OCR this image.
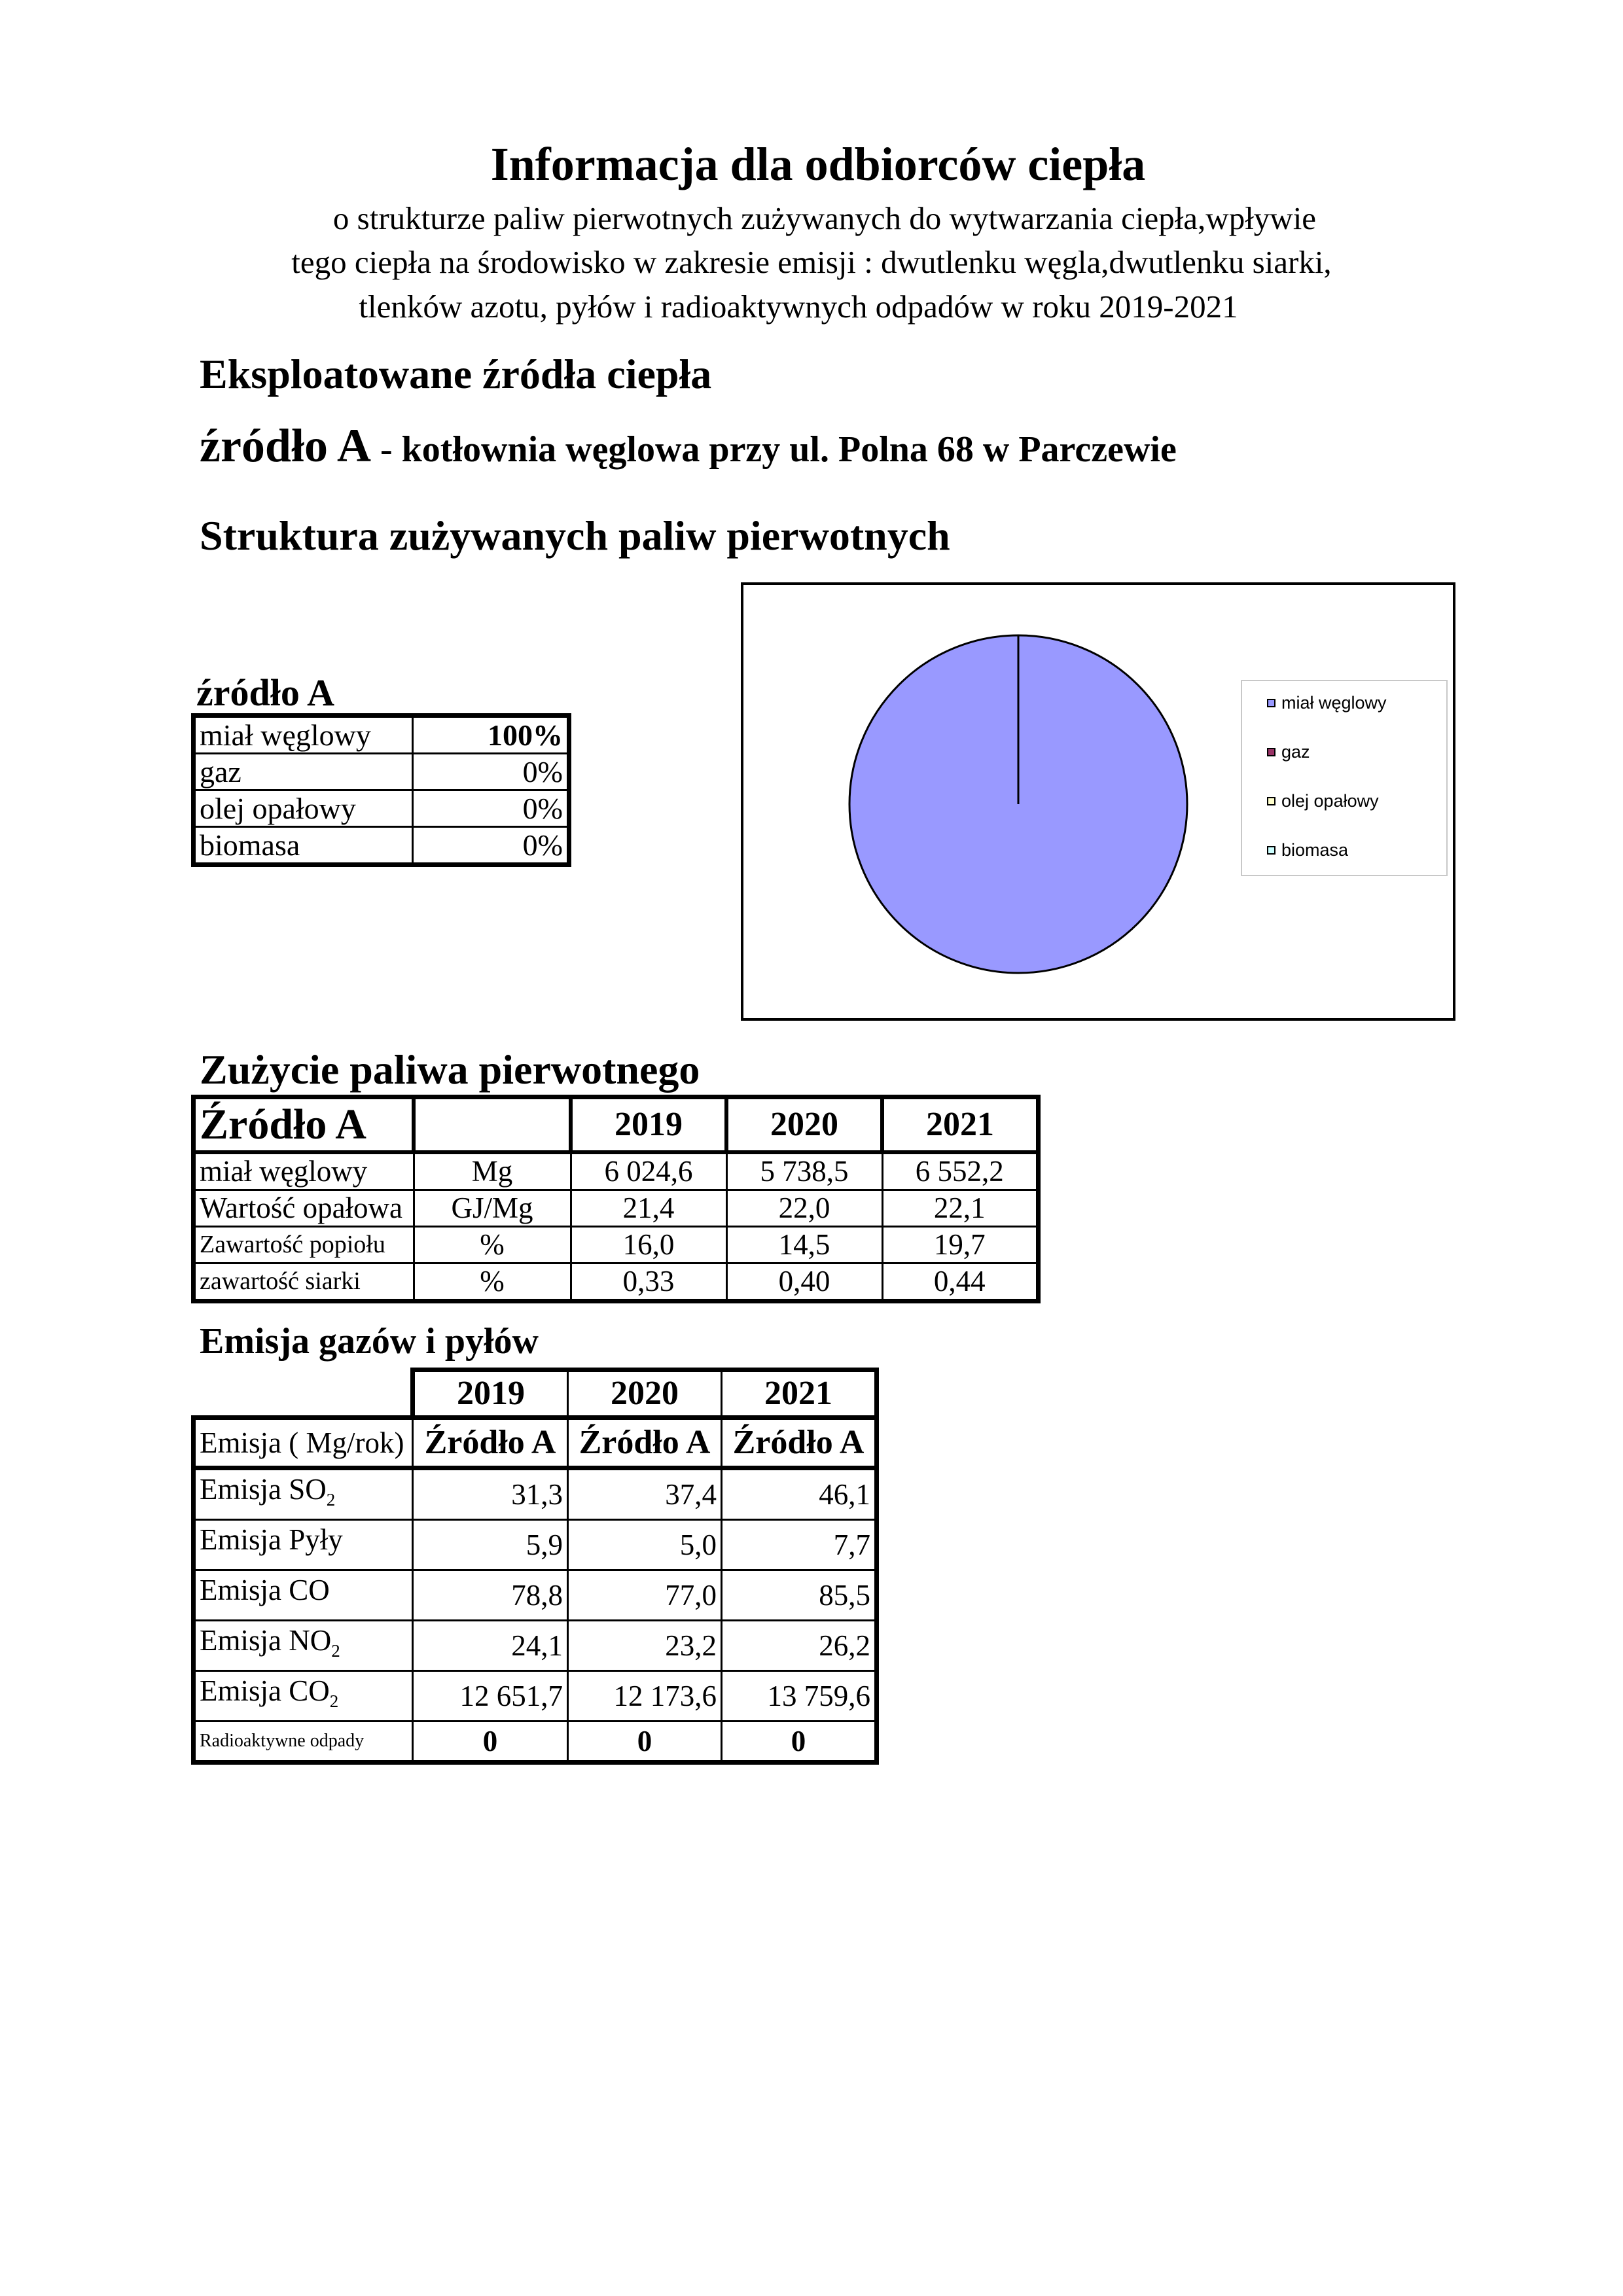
Informacja dla odbiorców ciepła
o strukturze paliw pierwotnych zużywanych do wytwarzania ciepła,wpływie
tego ciepła na środowisko w zakresie emisji : dwutlenku węgla,dwutlenku siarki,
tlenków azotu, pyłów i radioaktywnych odpadów w roku 2019-2021
Eksploatowane źródła ciepła
źródło A - kotłownia węglowa przy ul. Polna 68 w Parczewie
Struktura zużywanych paliw pierwotnych
źródło A
miał węglowy	100%
gaz	0%
olej opałowy	0%
biomasa	0%
miał węglowy
gaz
olej opałowy
biomasa
Zużycie paliwa pierwotnego
Źródło A		2019	2020	2021
miał węglowy	Mg	6 024,6	5 738,5	6 552,2
Wartość opałowa	GJ/Mg	21,4	22,0	22,1
Zawartość popiołu	%	16,0	14,5	19,7
zawartość siarki	%	0,33	0,40	0,44
Emisja gazów i pyłów
	2019	2020	2021
Emisja ( Mg/rok)	Źródło A	Źródło A	Źródło A
Emisja $SO_2$	31,3	37,4	46,1
Emisja Pyły	5,9	5,0	7,7
Emisja CO	78,8	77,0	85,5
Emisja $NO_2$	24,1	23,2	26,2
Emisja $CO_2$	12 651,7	12 173,6	13 759,6
Radioaktywne odpady	0	0	0
